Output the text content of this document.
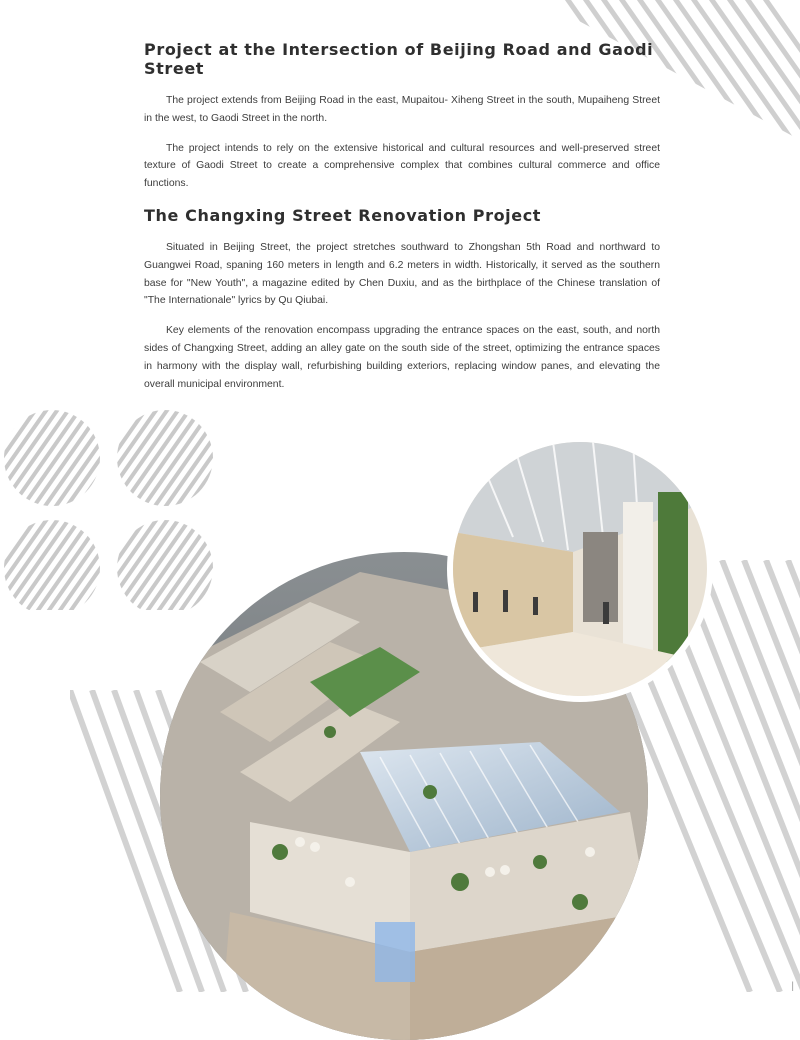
Project at the Intersection of Beijing Road and Gaodi Street

The project extends from Beijing Road in the east, Mupaitou- Xiheng Street in the south, Mupaiheng Street in the west, to Gaodi Street in the north.

The project intends to rely on the extensive historical and cultural resources and well-preserved street texture of Gaodi Street to create a comprehensive complex that combines cultural commerce and office functions.

The Changxing Street Renovation Project

Situated in Beijing Street, the project stretches southward to Zhongshan 5th Road and northward to Guangwei Road, spaning 160 meters in length and 6.2 meters in width. Historically, it served as the southern base for "New Youth", a magazine edited by Chen Duxiu, and as the birthplace of the Chinese translation of "The Internationale" lyrics by Qu Qiubai.

Key elements of the renovation encompass upgrading the entrance spaces on the east, south, and north sides of Changxing Street, adding an alley gate on the south side of the street, optimizing the entrance spaces in harmony with the display wall, refurbishing building exteriors, replacing window panes, and elevating the overall municipal environment.

|
